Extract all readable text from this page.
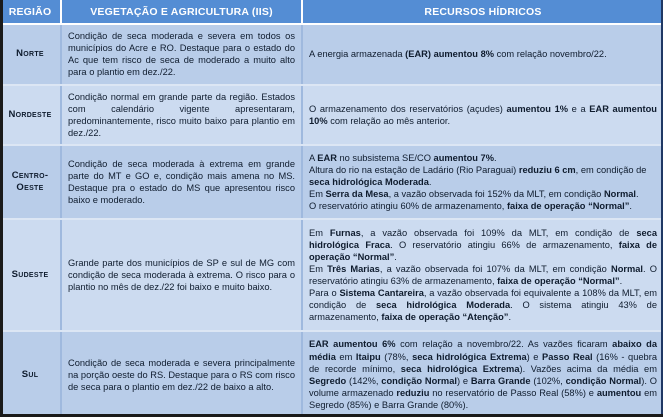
REGIÃO	VEGETAÇÃO E AGRICULTURA (IIS)	RECURSOS HÍDRICOS
Norte	Condição de seca moderada e severa em todos os municípios do Acre e RO. Destaque para o estado do Ac que tem risco de seca de moderado a muito alto para o plantio em dez./22.	A energia armazenada (EAR) aumentou 8% com relação novembro/22.

Nordeste	Condição normal em grande parte da região. Estados com calendário vigente apresentaram, predominantemente, risco muito baixo para plantio em dez./22.	O armazenamento dos reservatórios (açudes) aumentou 1% e a EAR aumentou 10% com relação ao mês anterior.

Centro-Oeste	Condição de seca moderada à extrema em grande parte do MT e GO e, condição mais amena no MS. Destaque pra o estado do MS que apresentou risco baixo e moderado.	A EAR no subsistema SE/CO aumentou 7%.

Altura do rio na estação de Ladário (Rio Paraguai) reduziu 6 cm, em condição de seca hidrológica Moderada.

Em Serra da Mesa, a vazão observada foi 152% da MLT, em condição Normal.

O reservatório atingiu 60% de armazenamento, faixa de operação “Normal”.

Sudeste	Grande parte dos municípios de SP e sul de MG com condição de seca moderada à extrema. O risco para o plantio no mês de dez./22 foi baixo e muito baixo.	Em Furnas, a vazão observada foi 109% da MLT, em condição de seca hidrológica Fraca. O reservatório atingiu 66% de armazenamento, faixa de operação “Normal”.

Em Três Marias, a vazão observada foi 107% da MLT, em condição Normal. O reservatório atingiu 63% de armazenamento, faixa de operação “Normal”.

Para o Sistema Cantareira, a vazão observada foi equivalente a 108% da MLT, em condição de seca hidrológica Moderada. O sistema atingiu 43% de armazenamento, faixa de operação “Atenção”.

Sul	Condição de seca moderada e severa principalmente na porção oeste do RS. Destaque para o RS com risco de seca para o plantio em dez./22 de baixo a alto.	EAR aumentou 6% com relação a novembro/22. As vazões ficaram abaixo da média em Itaipu (78%, seca hidrológica Extrema) e Passo Real (16% - quebra de recorde mínimo, seca hidrológica Extrema). Vazões acima da média em Segredo (142%, condição Normal) e Barra Grande (102%, condição Normal). O volume armazenado reduziu no reservatório de Passo Real (58%) e aumentou em Segredo (85%) e Barra Grande (80%).
